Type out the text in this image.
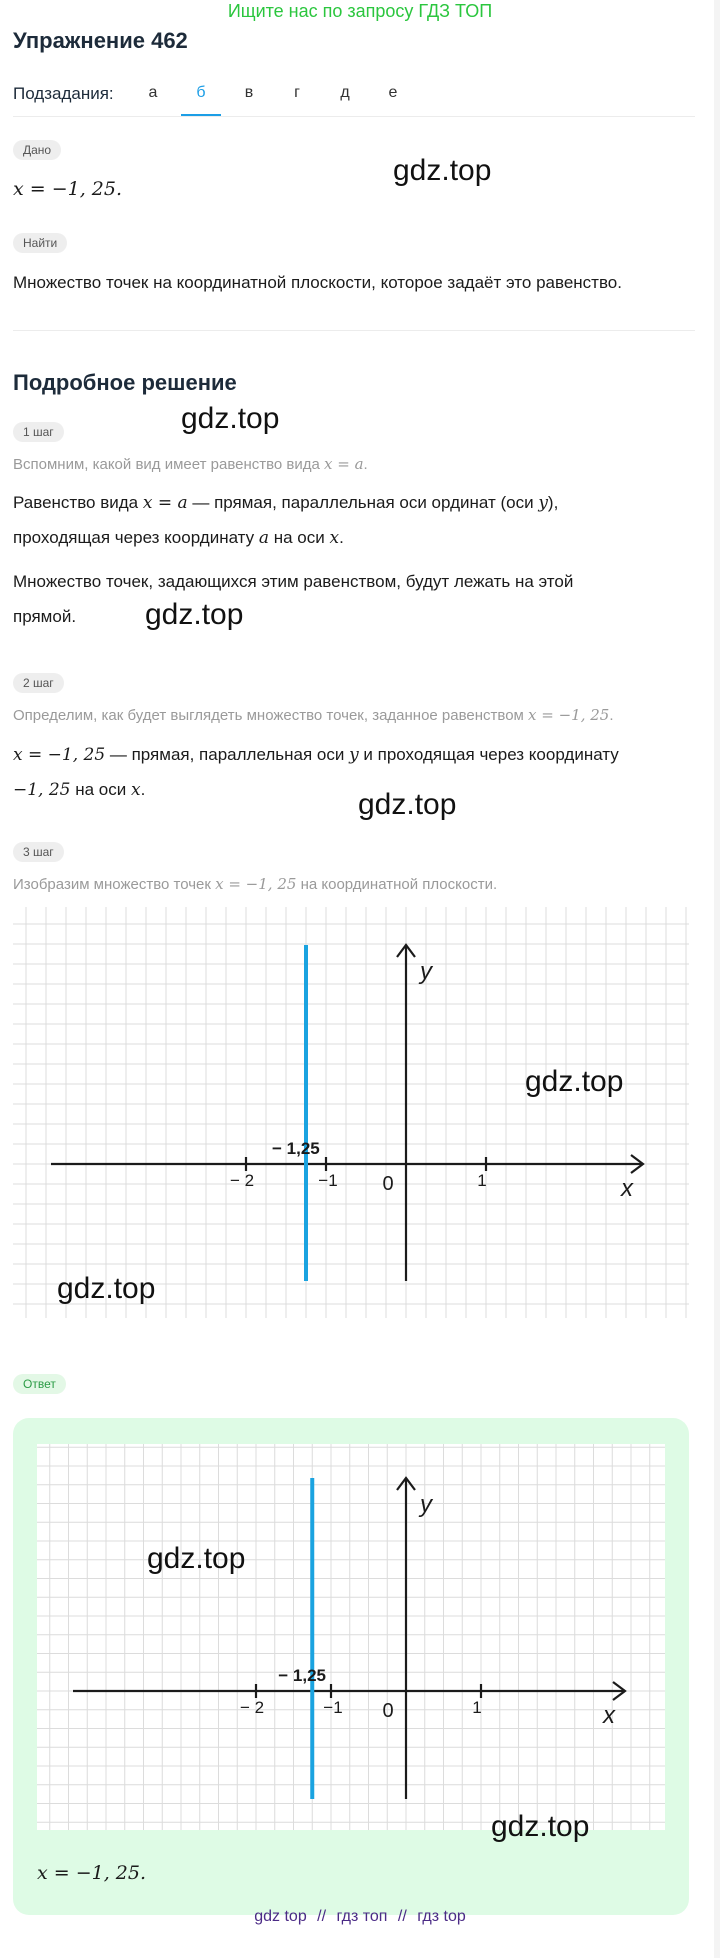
Ищите нас по запросу ГДЗ ТОП
Упражнение 462
Подзадания:	а	б	в	г	д	е
Дано
x = −1, 25.
gdz.top
Найти
Множество точек на координатной плоскости, которое задаёт это равенство.
Подробное решение
gdz.top
1 шаг
Вспомним, какой вид имеет равенство вида x = a.
Равенство вида x = a — прямая, параллельная оси ординат (оси y),
проходящая через координату a на оси x.
Множество точек, задающихся этим равенством, будут лежать на этой
прямой. gdz.top
2 шаг
Определим, как будет выглядеть множество точек, заданное равенством x = −1, 25.
x = −1, 25 — прямая, параллельная оси y и проходящая через координату
−1, 25 на оси x.	gdz.top
3 шаг
Изобразим множество точек x = −1, 25 на координатной плоскости.
− 2	−1	1
0	x
y
− 1,25
gdz.top
gdz.top
Ответ
− 2	−1	1
0	x
y
− 1,25
gdz.top
gdz.top
x = −1, 25.
gdz top // гдз топ // гдз top
